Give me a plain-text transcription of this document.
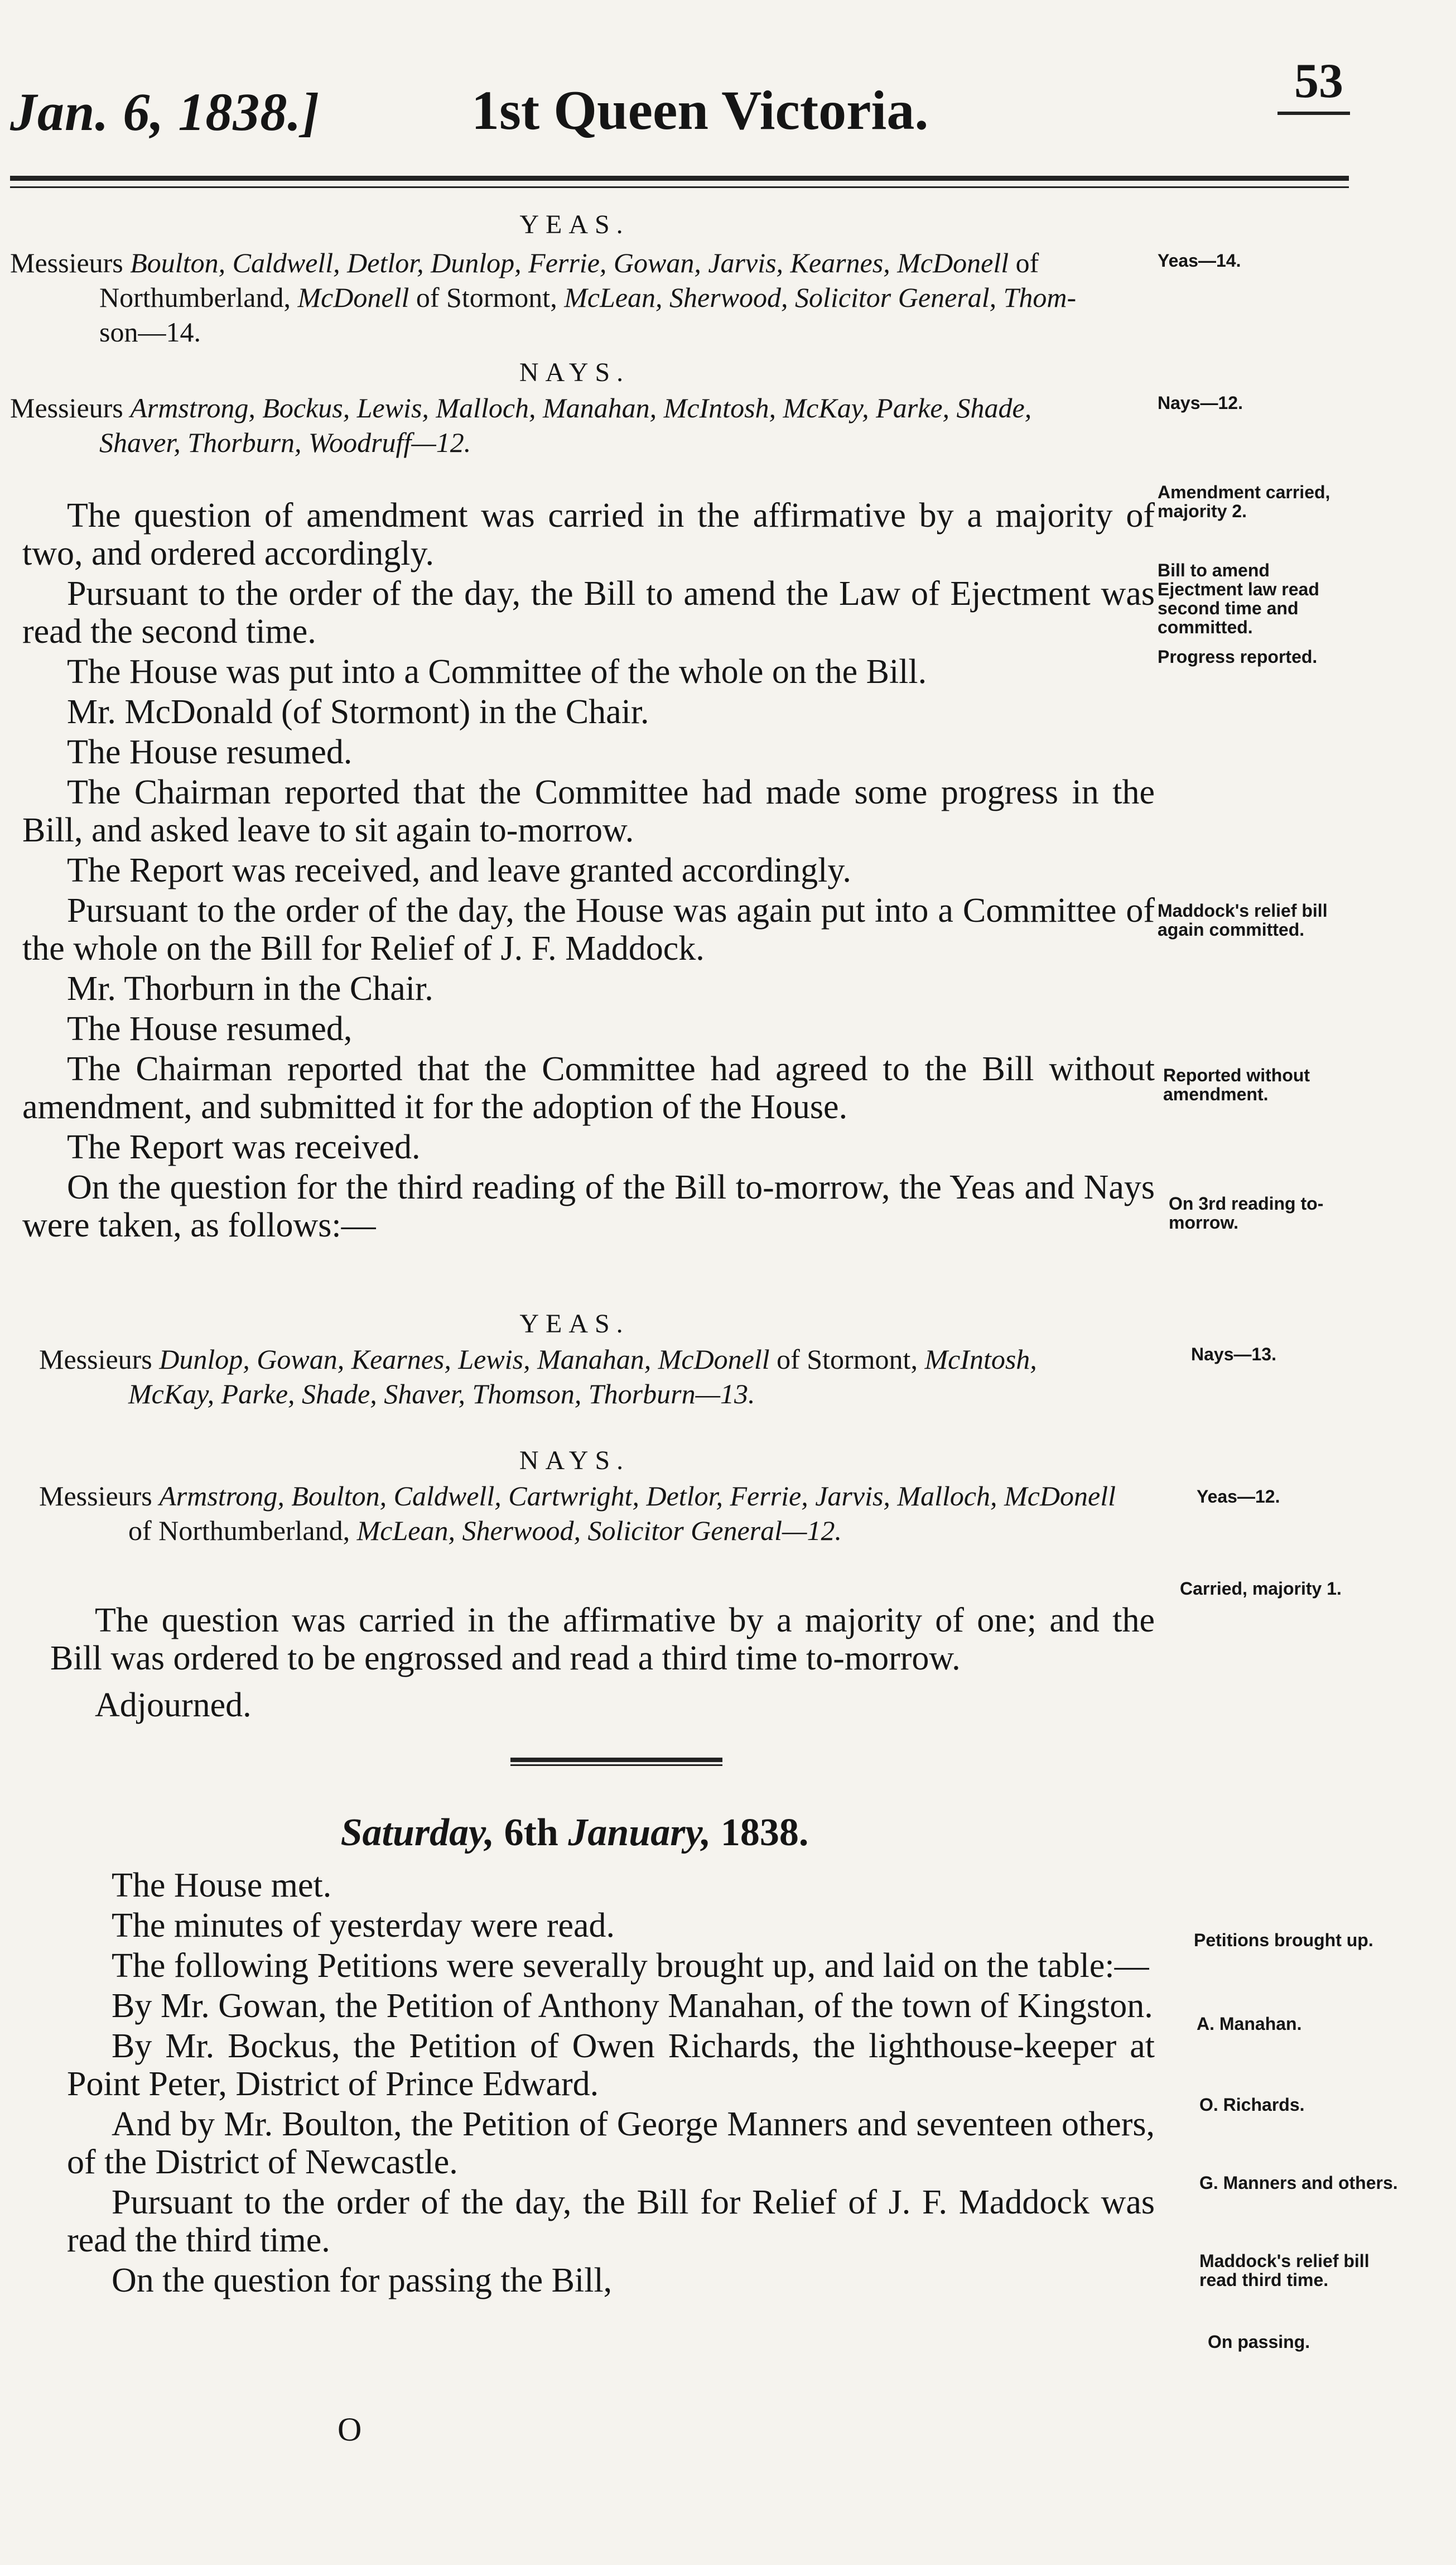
53
Jan. 6, 1838.]	1st Queen Victoria.
YEAS.
Messieurs Boulton, Caldwell, Detlor, Dunlop, Ferrie, Gowan, Jarvis, Kearnes, McDonell of
Northumberland, McDonell of Stormont, McLean, Sherwood, Solicitor General, Thom-
son—14.
NAYS.
Messieurs Armstrong, Bockus, Lewis, Malloch, Manahan, McIntosh, McKay, Parke, Shade,
Shaver, Thorburn, Woodruff—12.

The question of amendment was carried in the affirmative by a majority of two, and ordered accordingly.

Pursuant to the order of the day, the Bill to amend the Law of Ejectment was read the second time.

The House was put into a Committee of the whole on the Bill.

Mr. McDonald (of Stormont) in the Chair.

The House resumed.

The Chairman reported that the Committee had made some progress in the Bill, and asked leave to sit again to-morrow.

The Report was received, and leave granted accordingly.

Pursuant to the order of the day, the House was again put into a Committee of the whole on the Bill for Relief of J. F. Maddock.

Mr. Thorburn in the Chair.

The House resumed,

The Chairman reported that the Committee had agreed to the Bill without amendment, and submitted it for the adoption of the House.

The Report was received.

On the question for the third reading of the Bill to-morrow, the Yeas and Nays were taken, as follows:—

YEAS.
Messieurs Dunlop, Gowan, Kearnes, Lewis, Manahan, McDonell of Stormont, McIntosh,
McKay, Parke, Shade, Shaver, Thomson, Thorburn—13.
NAYS.
Messieurs Armstrong, Boulton, Caldwell, Cartwright, Detlor, Ferrie, Jarvis, Malloch, McDonell
of Northumberland, McLean, Sherwood, Solicitor General—12.

The question was carried in the affirmative by a majority of one; and the Bill was ordered to be engrossed and read a third time to-morrow.

Adjourned.

Saturday, 6th January, 1838.

The House met.

The minutes of yesterday were read.

The following Petitions were severally brought up, and laid on the table:—

By Mr. Gowan, the Petition of Anthony Manahan, of the town of Kingston.

By Mr. Bockus, the Petition of Owen Richards, the lighthouse-keeper at Point Peter, District of Prince Edward.

And by Mr. Boulton, the Petition of George Manners and seventeen others, of the District of Newcastle.

Pursuant to the order of the day, the Bill for Relief of J. F. Maddock was read the third time.

On the question for passing the Bill,

O
Yeas—14.
Nays—12.
Amendment carried, majority 2.
Bill to amend Ejectment law read second time and committed.
Progress reported.
Maddock's relief bill again committed.
Reported without amendment.
On 3rd reading to-morrow.
Nays—13.
Yeas—12.
Carried, majority 1.
Petitions brought up.
A. Manahan.
O. Richards.
G. Manners and others.
Maddock's relief bill read third time.
On passing.
